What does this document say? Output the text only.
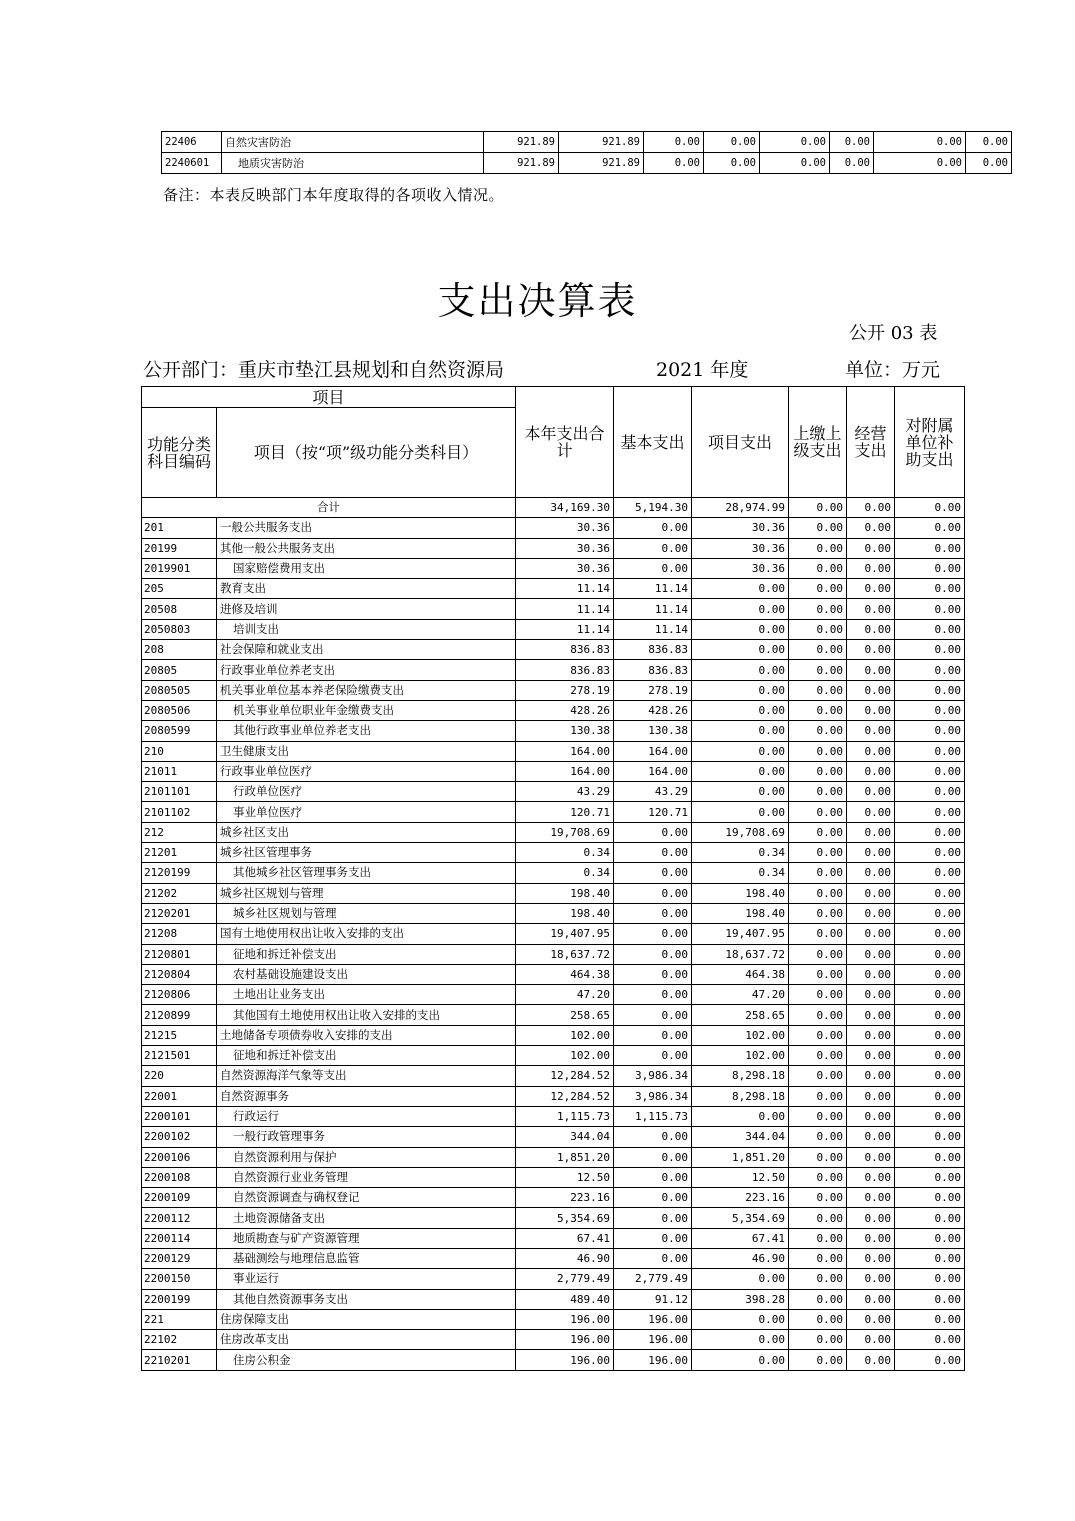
22406	自然灾害防治	921.89	921.89	0.00	0.00	0.00	0.00	0.00	0.00
2240601	地质灾害防治	921.89	921.89	0.00	0.00	0.00	0.00	0.00	0.00
备注：本表反映部门本年度取得的各项收入情况。
支出决算表
公开 03 表
公开部门：重庆市垫江县规划和自然资源局	2021 年度	单位：万元
项目		本年支出合计	基本支出	项目支出	上缴上级支出	经营支出	对附属单位补助支出
功能分类科目编码	项目（按“项”级功能分类科目）						
合计		34,169.30	5,194.30	28,974.99	0.00	0.00	0.00
201	一般公共服务支出	30.36	0.00	30.36	0.00	0.00	0.00
20199	其他一般公共服务支出	30.36	0.00	30.36	0.00	0.00	0.00
2019901	国家赔偿费用支出	30.36	0.00	30.36	0.00	0.00	0.00
205	教育支出	11.14	11.14	0.00	0.00	0.00	0.00
20508	进修及培训	11.14	11.14	0.00	0.00	0.00	0.00
2050803	培训支出	11.14	11.14	0.00	0.00	0.00	0.00
208	社会保障和就业支出	836.83	836.83	0.00	0.00	0.00	0.00
20805	行政事业单位养老支出	836.83	836.83	0.00	0.00	0.00	0.00
2080505	机关事业单位基本养老保险缴费支出	278.19	278.19	0.00	0.00	0.00	0.00
2080506	机关事业单位职业年金缴费支出	428.26	428.26	0.00	0.00	0.00	0.00
2080599	其他行政事业单位养老支出	130.38	130.38	0.00	0.00	0.00	0.00
210	卫生健康支出	164.00	164.00	0.00	0.00	0.00	0.00
21011	行政事业单位医疗	164.00	164.00	0.00	0.00	0.00	0.00
2101101	行政单位医疗	43.29	43.29	0.00	0.00	0.00	0.00
2101102	事业单位医疗	120.71	120.71	0.00	0.00	0.00	0.00
212	城乡社区支出	19,708.69	0.00	19,708.69	0.00	0.00	0.00
21201	城乡社区管理事务	0.34	0.00	0.34	0.00	0.00	0.00
2120199	其他城乡社区管理事务支出	0.34	0.00	0.34	0.00	0.00	0.00
21202	城乡社区规划与管理	198.40	0.00	198.40	0.00	0.00	0.00
2120201	城乡社区规划与管理	198.40	0.00	198.40	0.00	0.00	0.00
21208	国有土地使用权出让收入安排的支出	19,407.95	0.00	19,407.95	0.00	0.00	0.00
2120801	征地和拆迁补偿支出	18,637.72	0.00	18,637.72	0.00	0.00	0.00
2120804	农村基础设施建设支出	464.38	0.00	464.38	0.00	0.00	0.00
2120806	土地出让业务支出	47.20	0.00	47.20	0.00	0.00	0.00
2120899	其他国有土地使用权出让收入安排的支出	258.65	0.00	258.65	0.00	0.00	0.00
21215	土地储备专项债券收入安排的支出	102.00	0.00	102.00	0.00	0.00	0.00
2121501	征地和拆迁补偿支出	102.00	0.00	102.00	0.00	0.00	0.00
220	自然资源海洋气象等支出	12,284.52	3,986.34	8,298.18	0.00	0.00	0.00
22001	自然资源事务	12,284.52	3,986.34	8,298.18	0.00	0.00	0.00
2200101	行政运行	1,115.73	1,115.73	0.00	0.00	0.00	0.00
2200102	一般行政管理事务	344.04	0.00	344.04	0.00	0.00	0.00
2200106	自然资源利用与保护	1,851.20	0.00	1,851.20	0.00	0.00	0.00
2200108	自然资源行业业务管理	12.50	0.00	12.50	0.00	0.00	0.00
2200109	自然资源调查与确权登记	223.16	0.00	223.16	0.00	0.00	0.00
2200112	土地资源储备支出	5,354.69	0.00	5,354.69	0.00	0.00	0.00
2200114	地质勘查与矿产资源管理	67.41	0.00	67.41	0.00	0.00	0.00
2200129	基础测绘与地理信息监管	46.90	0.00	46.90	0.00	0.00	0.00
2200150	事业运行	2,779.49	2,779.49	0.00	0.00	0.00	0.00
2200199	其他自然资源事务支出	489.40	91.12	398.28	0.00	0.00	0.00
221	住房保障支出	196.00	196.00	0.00	0.00	0.00	0.00
22102	住房改革支出	196.00	196.00	0.00	0.00	0.00	0.00
2210201	住房公积金	196.00	196.00	0.00	0.00	0.00	0.00
